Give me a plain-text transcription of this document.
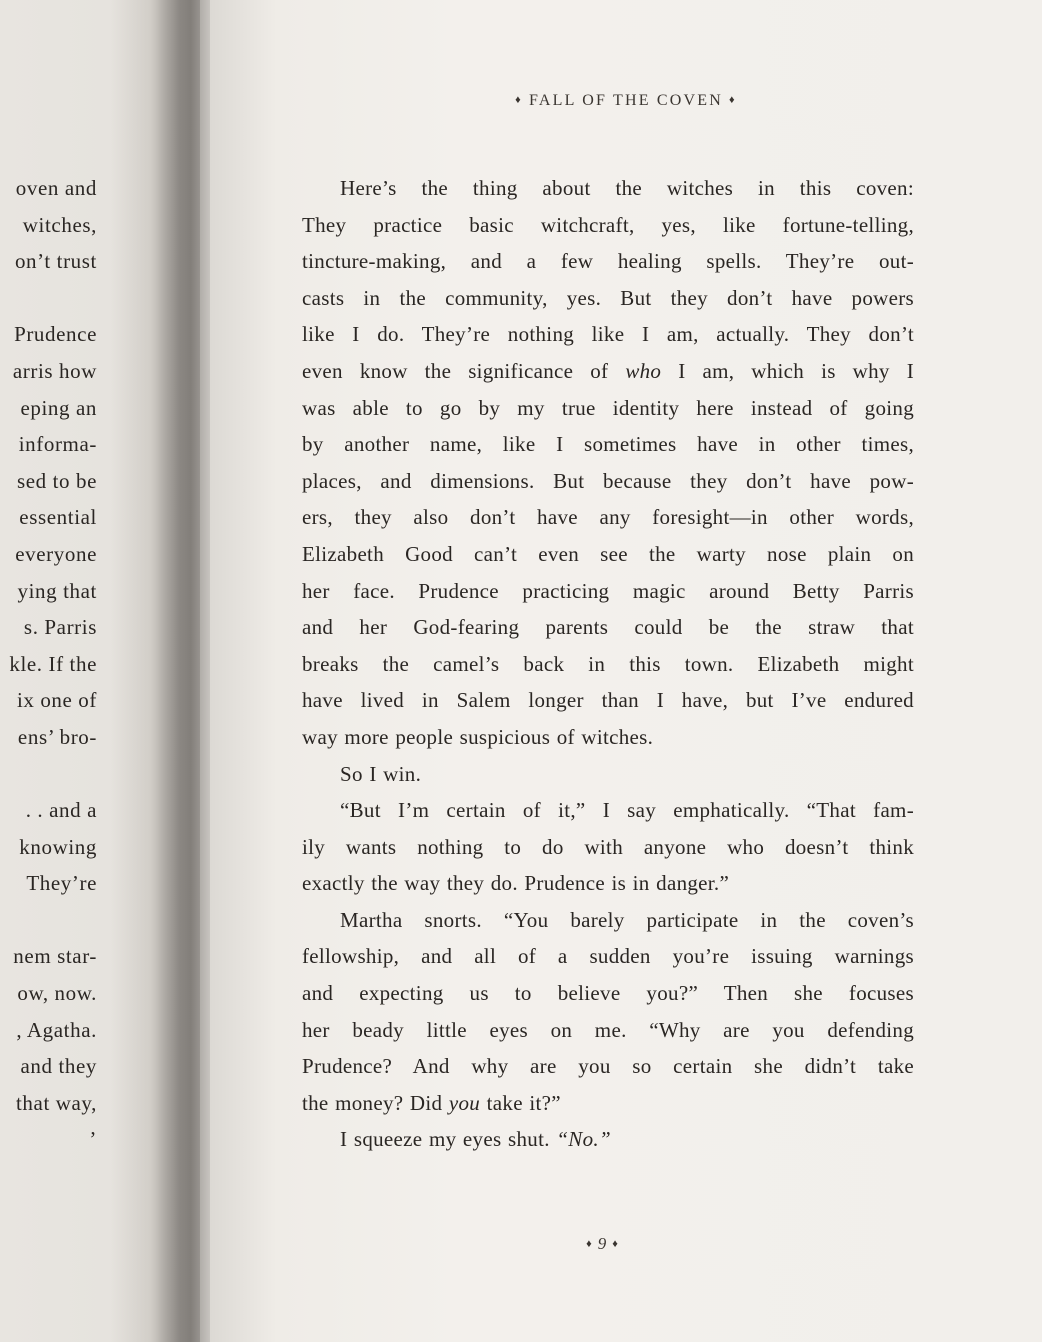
oven and
witches,
on’t trust

Prudence
arris how
eping an
informa-
sed to be
essential
everyone
ying that
s. Parris
kle. If the
ix one of
ens’ bro-

. . and a
knowing
They’re

nem star-
ow, now.
, Agatha.
and they
that way,
’
♦ FALL OF THE COVEN ♦
Here’s the thing about the witches in this coven:
They practice basic witchcraft, yes, like fortune-telling,
tincture-making, and a few healing spells. They’re out-
casts in the community, yes. But they don’t have powers
like I do. They’re nothing like I am, actually. They don’t
even know the significance of who I am, which is why I
was able to go by my true identity here instead of going
by another name, like I sometimes have in other times,
places, and dimensions. But because they don’t have pow-
ers, they also don’t have any foresight—in other words,
Elizabeth Good can’t even see the warty nose plain on
her face. Prudence practicing magic around Betty Parris
and her God-fearing parents could be the straw that
breaks the camel’s back in this town. Elizabeth might
have lived in Salem longer than I have, but I’ve endured
way more people suspicious of witches.
So I win.
“But I’m certain of it,” I say emphatically. “That fam-
ily wants nothing to do with anyone who doesn’t think
exactly the way they do. Prudence is in danger.”
Martha snorts. “You barely participate in the coven’s
fellowship, and all of a sudden you’re issuing warnings
and expecting us to believe you?” Then she focuses
her beady little eyes on me. “Why are you defending
Prudence? And why are you so certain she didn’t take
the money? Did you take it?”
I squeeze my eyes shut. “No.”
♦ 9 ♦
